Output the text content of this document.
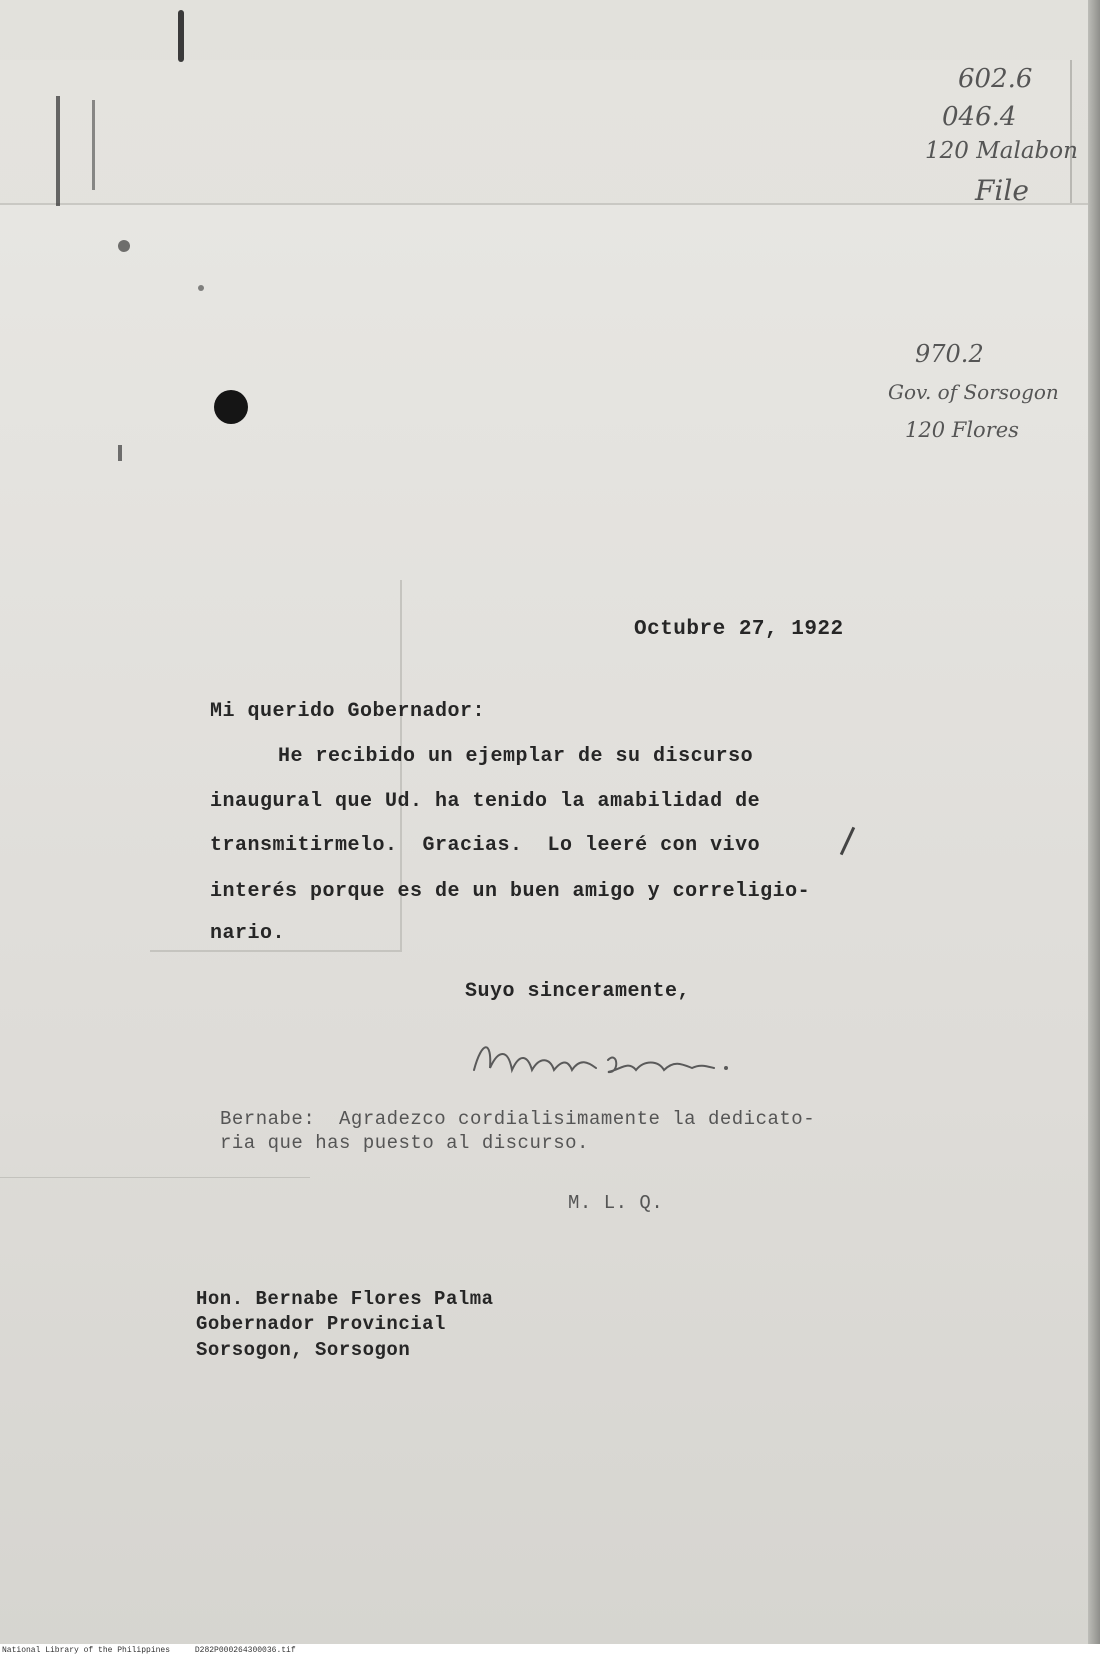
602.6
046.4
120 Malabon
File
970.2
Gov. of Sorsogon
120 Flores
Octubre 27, 1922
Mi querido Gobernador:
He recibido un ejemplar de su discurso
inaugural que Ud. ha tenido la amabilidad de
transmitirmelo.  Gracias.  Lo leeré con vivo
interés porque es de un buen amigo y correligio-
nario.
Suyo sinceramente,
Bernabe:  Agradezco cordialisimamente la dedicato-
ria que has puesto al discurso.
M. L. Q.
Hon. Bernabe Flores Palma
Gobernador Provincial
Sorsogon, Sorsogon
National Library of the Philippines	D282P000264300036.tif
